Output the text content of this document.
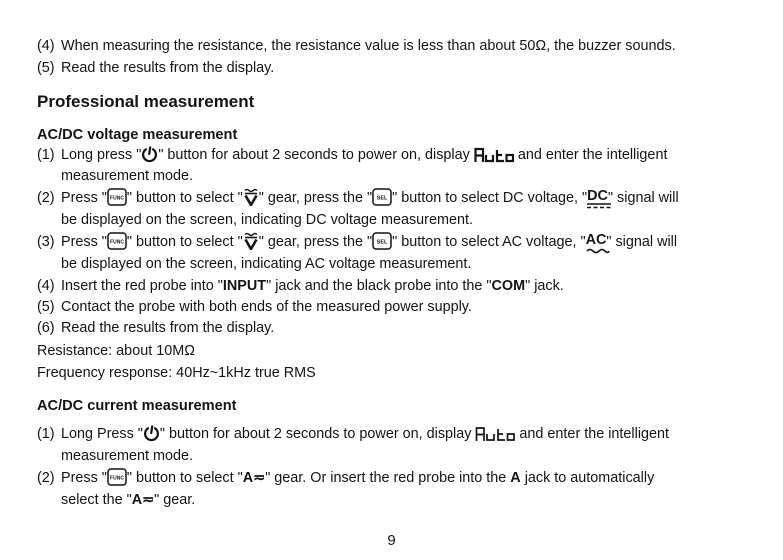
(4) When measuring the resistance, the resistance value is less than about 50Ω, the buzzer sounds.
(5) Read the results from the display.
Professional measurement
AC/DC voltage measurement
(1) Long press " " button for about 2 seconds to power on, display	and enter the intelligent
measurement mode.
(2) Press " FUNC " button to select " " gear, press the " SEL " button to select DC voltage, "DC
" signal will
be displayed on the screen, indicating DC voltage measurement.
(3) Press " FUNC " button to select " " gear, press the " SEL " button to select AC voltage, "AC
" signal will
be displayed on the screen, indicating AC voltage measurement.
(4) Insert the red probe into "INPUT" jack and the black probe into the "COM" jack.
(5) Contact the probe with both ends of the measured power supply.
(6) Read the results from the display.
Resistance: about 10MΩ
Frequency response: 40Hz~1kHz true RMS
AC/DC current measurement
(1) Long Press " " button for about 2 seconds to power on, display	and enter the intelligent
measurement mode.
(2) Press " FUNC " button to select "A≂" gear. Or insert the red probe into the A jack to automatically
select the "A≂" gear.
9
